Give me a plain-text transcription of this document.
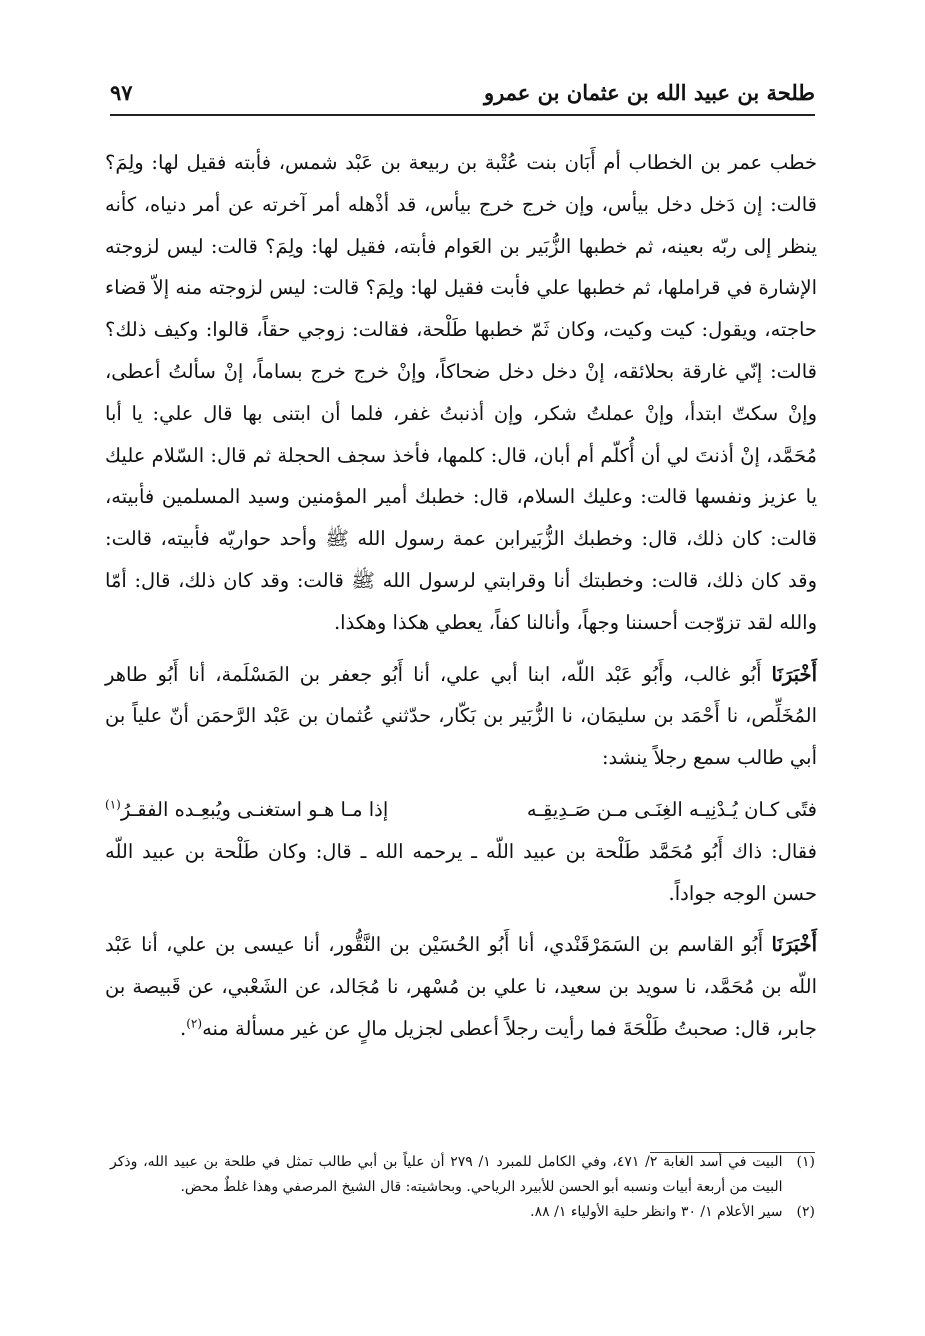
طلحة بن عبيد الله بن عثمان بن عمرو
٩٧

خطب عمر بن الخطاب أم أَبَان بنت عُتْبة بن ربيعة بن عَبْد شمس، فأبته فقيل لها: ولِمَ؟ قالت: إن دَخل دخل بيأس، وإن خرج خرج بيأس، قد أذْهله أمر آخرته عن أمر دنياه، كأنه ينظر إلى ربّه بعينه، ثم خطبها الزُّبَير بن العَوام فأبته، فقيل لها: ولِمَ؟ قالت: ليس لزوجته الإشارة في قراملها، ثم خطبها علي فأبت فقيل لها: ولِمَ؟ قالت: ليس لزوجته منه إلاّ قضاء حاجته، ويقول: كيت وكيت، وكان ثَمّ خطبها طَلْحة، فقالت: زوجي حقاً، قالوا: وكيف ذلك؟ قالت: إنّي غارقة بحلائقه، إنْ دخل دخل ضحاكاً، وإنْ خرج خرج بساماً، إنْ سألتُ أعطى، وإنْ سكتّ ابتدأ، وإنْ عملتُ شكر، وإن أذنبتُ غفر، فلما أن ابتنى بها قال علي: يا أبا مُحَمَّد، إنْ أذنتَ لي أن أُكلّم أم أبان، قال: كلمها، فأخذ سجف الحجلة ثم قال: السّلام عليك يا عزيز ونفسها قالت: وعليك السلام، قال: خطبك أمير المؤمنين وسيد المسلمين فأبيته، قالت: كان ذلك، قال: وخطبك الزُّبَيرابن عمة رسول الله ﷺ وأحد حواريّه فأبيته، قالت: وقد كان ذلك، قالت: وخطبتك أنا وقرابتي لرسول الله ﷺ قالت: وقد كان ذلك، قال: أمّا والله لقد تزوّجت أحسننا وجهاً، وأنالنا كفاً، يعطي هكذا وهكذا.

أَخْبَرَنَا أَبُو غالب، وأَبُو عَبْد اللّه، ابنا أبي علي، أنا أَبُو جعفر بن المَسْلَمة، أنا أَبُو طاهر المُخَلِّص، نا أَحْمَد بن سليمَان، نا الزُّبَير بن بَكّار، حدّثني عُثمان بن عَبْد الرَّحمَن أنّ علياً بن أبي طالب سمع رجلاً ينشد:

فتًى كـان يُـدْنِيـه الغِنَـى مـن صَـدِيقِـه
إذا مـا هـو استغنـى ويُبعِـده الفقـرُ$^{(١)}$

فقال: ذاك أَبُو مُحَمَّد طَلْحة بن عبيد اللّه ـ يرحمه الله ـ قال: وكان طَلْحة بن عبيد اللّه حسن الوجه جواداً.

أَخْبَرَنَا أَبُو القاسم بن السَمَرْقَنْدي، أنا أَبُو الحُسَيْن بن النَّقُّور، أنا عيسى بن علي، أنا عَبْد اللّه بن مُحَمَّد، نا سويد بن سعيد، نا علي بن مُسْهر، نا مُجَالد، عن الشَعْبي، عن قَبيصة بن جابر، قال: صحبتُ طَلْحَةَ فما رأيت رجلاً أعطى لجزيل مالٍ عن غير مسألة منه$^{(٢)}$.

(١)
البيت في أسد الغابة ٢/ ٤٧١، وفي الكامل للمبرد ١/ ٢٧٩ أن علياً بن أبي طالب تمثل في طلحة بن عبيد الله، وذكر البيت من أربعة أبيات ونسبه أبو الحسن للأبيرد الرياحي. وبحاشيته: قال الشيخ المرصفي وهذا غلطٌ محض.
(٢)
سير الأعلام ١/ ٣٠ وانظر حلية الأولياء ١/ ٨٨.
